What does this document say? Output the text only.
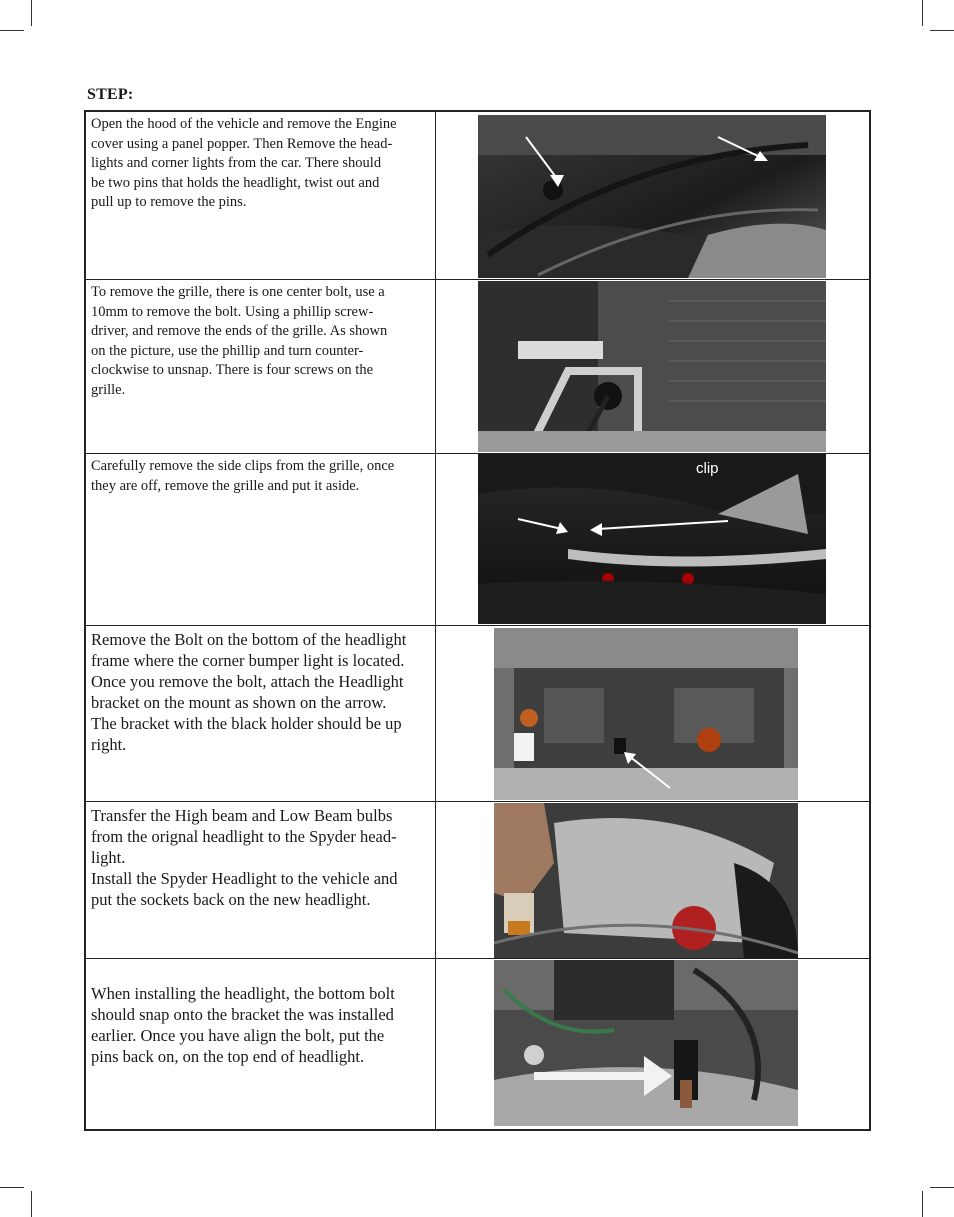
STEP:

Open the hood of the vehicle and remove the Engine

cover using a panel popper. Then Remove the head-

lights and corner lights from the car. There should

be two pins that holds the headlight, twist out and

pull up to remove the pins.

To remove the grille, there is one center bolt, use a

10mm to remove the bolt. Using a phillip screw-

driver, and remove the ends of the grille. As shown

on the picture, use the phillip and turn counter-

clockwise to unsnap. There is four screws on the

grille.

Carefully remove the side clips from the grille, once

they are off, remove the grille and put it aside.

clip

Remove the Bolt on the bottom of the headlight

frame where the corner bumper light is located.

Once you remove the bolt, attach the Headlight

bracket on the mount as shown on the arrow.

The bracket with the black holder should be up

right.

Transfer the High beam and Low Beam bulbs

from the orignal headlight to the Spyder head-

light.

Install the Spyder Headlight to the vehicle and

put the sockets back on the new headlight.

When installing the headlight, the bottom bolt

should snap onto the bracket the was installed

earlier. Once you have align the bolt, put the

pins back on, on the top end of headlight.
